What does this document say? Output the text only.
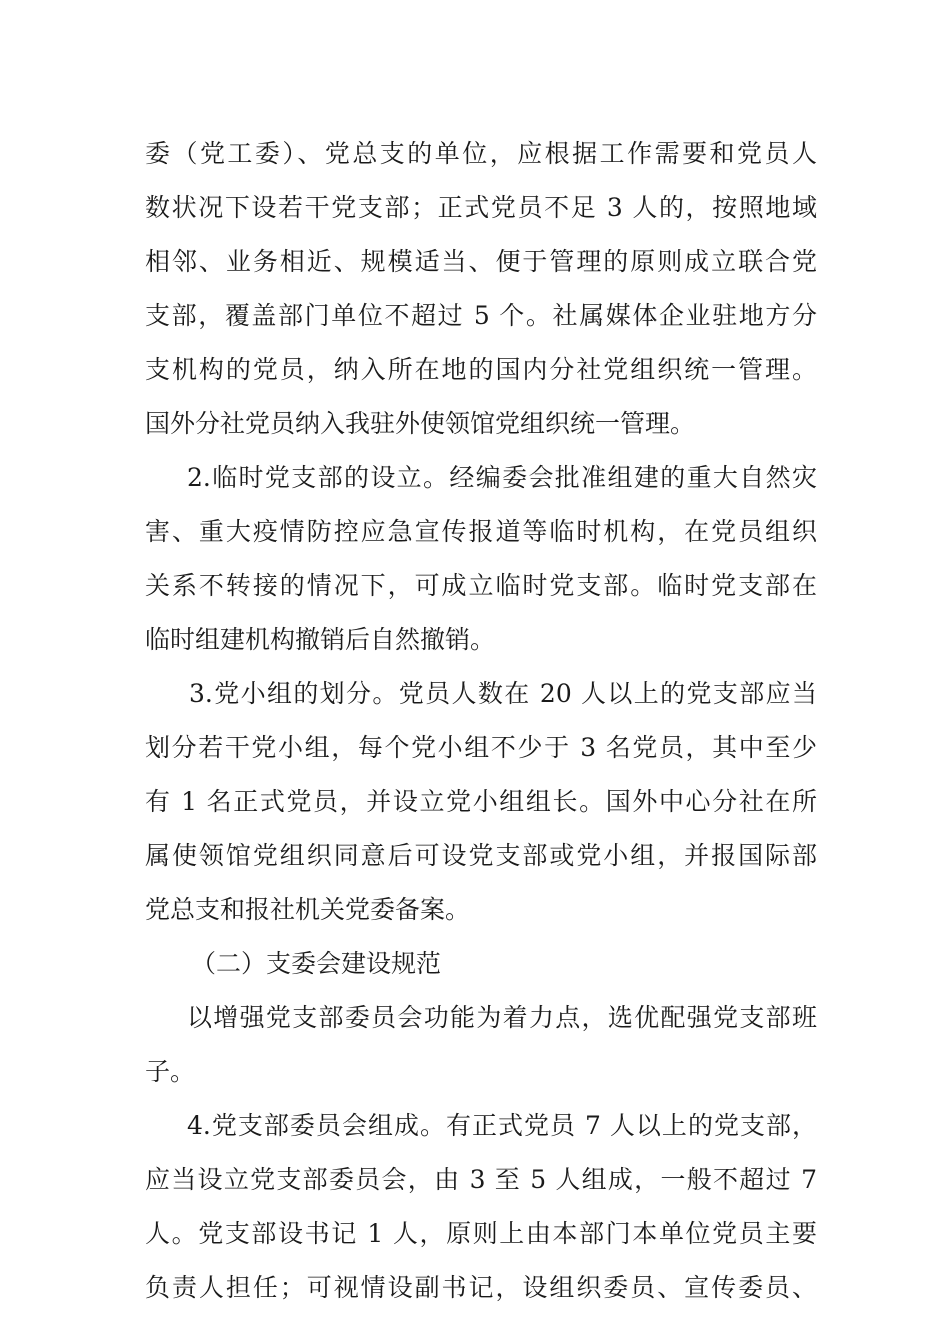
委（党工委）、党总支的单位，应根据工作需要和党员人
数状况下设若干党支部；正式党员不足 3 人的，按照地域
相邻、业务相近、规模适当、便于管理的原则成立联合党
支部，覆盖部门单位不超过 5 个。社属媒体企业驻地方分
支机构的党员，纳入所在地的国内分社党组织统一管理。
国外分社党员纳入我驻外使领馆党组织统一管理。
2.临时党支部的设立。经编委会批准组建的重大自然灾
害、重大疫情防控应急宣传报道等临时机构，在党员组织
关系不转接的情况下，可成立临时党支部。临时党支部在
临时组建机构撤销后自然撤销。
3.党小组的划分。党员人数在 20 人以上的党支部应当
划分若干党小组，每个党小组不少于 3 名党员，其中至少
有 1 名正式党员，并设立党小组组长。国外中心分社在所
属使领馆党组织同意后可设党支部或党小组，并报国际部
党总支和报社机关党委备案。
（二）支委会建设规范
以增强党支部委员会功能为着力点，选优配强党支部班
子。
4.党支部委员会组成。有正式党员 7 人以上的党支部，
应当设立党支部委员会，由 3 至 5 人组成，一般不超过 7
人。党支部设书记 1 人，原则上由本部门本单位党员主要
负责人担任；可视情设副书记，设组织委员、宣传委员、
